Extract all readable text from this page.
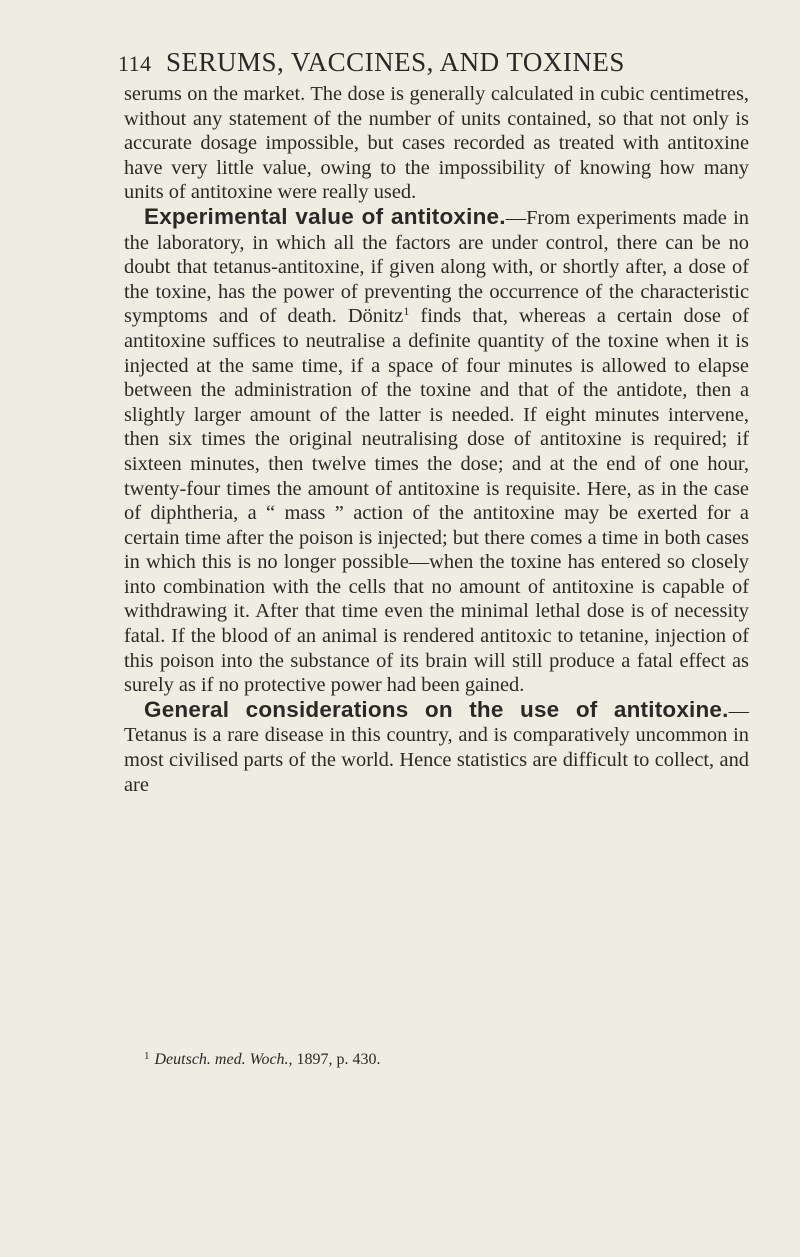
114 SERUMS, VACCINES, AND TOXINES

serums on the market. The dose is generally calculated in cubic centimetres, without any statement of the number of units contained, so that not only is accurate dosage impossible, but cases recorded as treated with antitoxine have very little value, owing to the impossibility of knowing how many units of antitoxine were really used.

Experimental value of antitoxine.—From experiments made in the laboratory, in which all the factors are under control, there can be no doubt that tetanus-antitoxine, if given along with, or shortly after, a dose of the toxine, has the power of preventing the occurrence of the characteristic symptoms and of death. Dönitz$^1$ finds that, whereas a certain dose of antitoxine suffices to neutralise a definite quantity of the toxine when it is injected at the same time, if a space of four minutes is allowed to elapse between the administration of the toxine and that of the antidote, then a slightly larger amount of the latter is needed. If eight minutes intervene, then six times the original neutralising dose of antitoxine is required; if sixteen minutes, then twelve times the dose; and at the end of one hour, twenty-four times the amount of antitoxine is requisite. Here, as in the case of diphtheria, a “ mass ” action of the antitoxine may be exerted for a certain time after the poison is injected; but there comes a time in both cases in which this is no longer possible—when the toxine has entered so closely into combination with the cells that no amount of antitoxine is capable of withdrawing it. After that time even the minimal lethal dose is of necessity fatal. If the blood of an animal is rendered antitoxic to tetanine, injection of this poison into the substance of its brain will still produce a fatal effect as surely as if no protective power had been gained.

General considerations on the use of antitoxine.—Tetanus is a rare disease in this country, and is comparatively uncommon in most civilised parts of the world. Hence statistics are difficult to collect, and are

$^1$ Deutsch. med. Woch., 1897, p. 430.
